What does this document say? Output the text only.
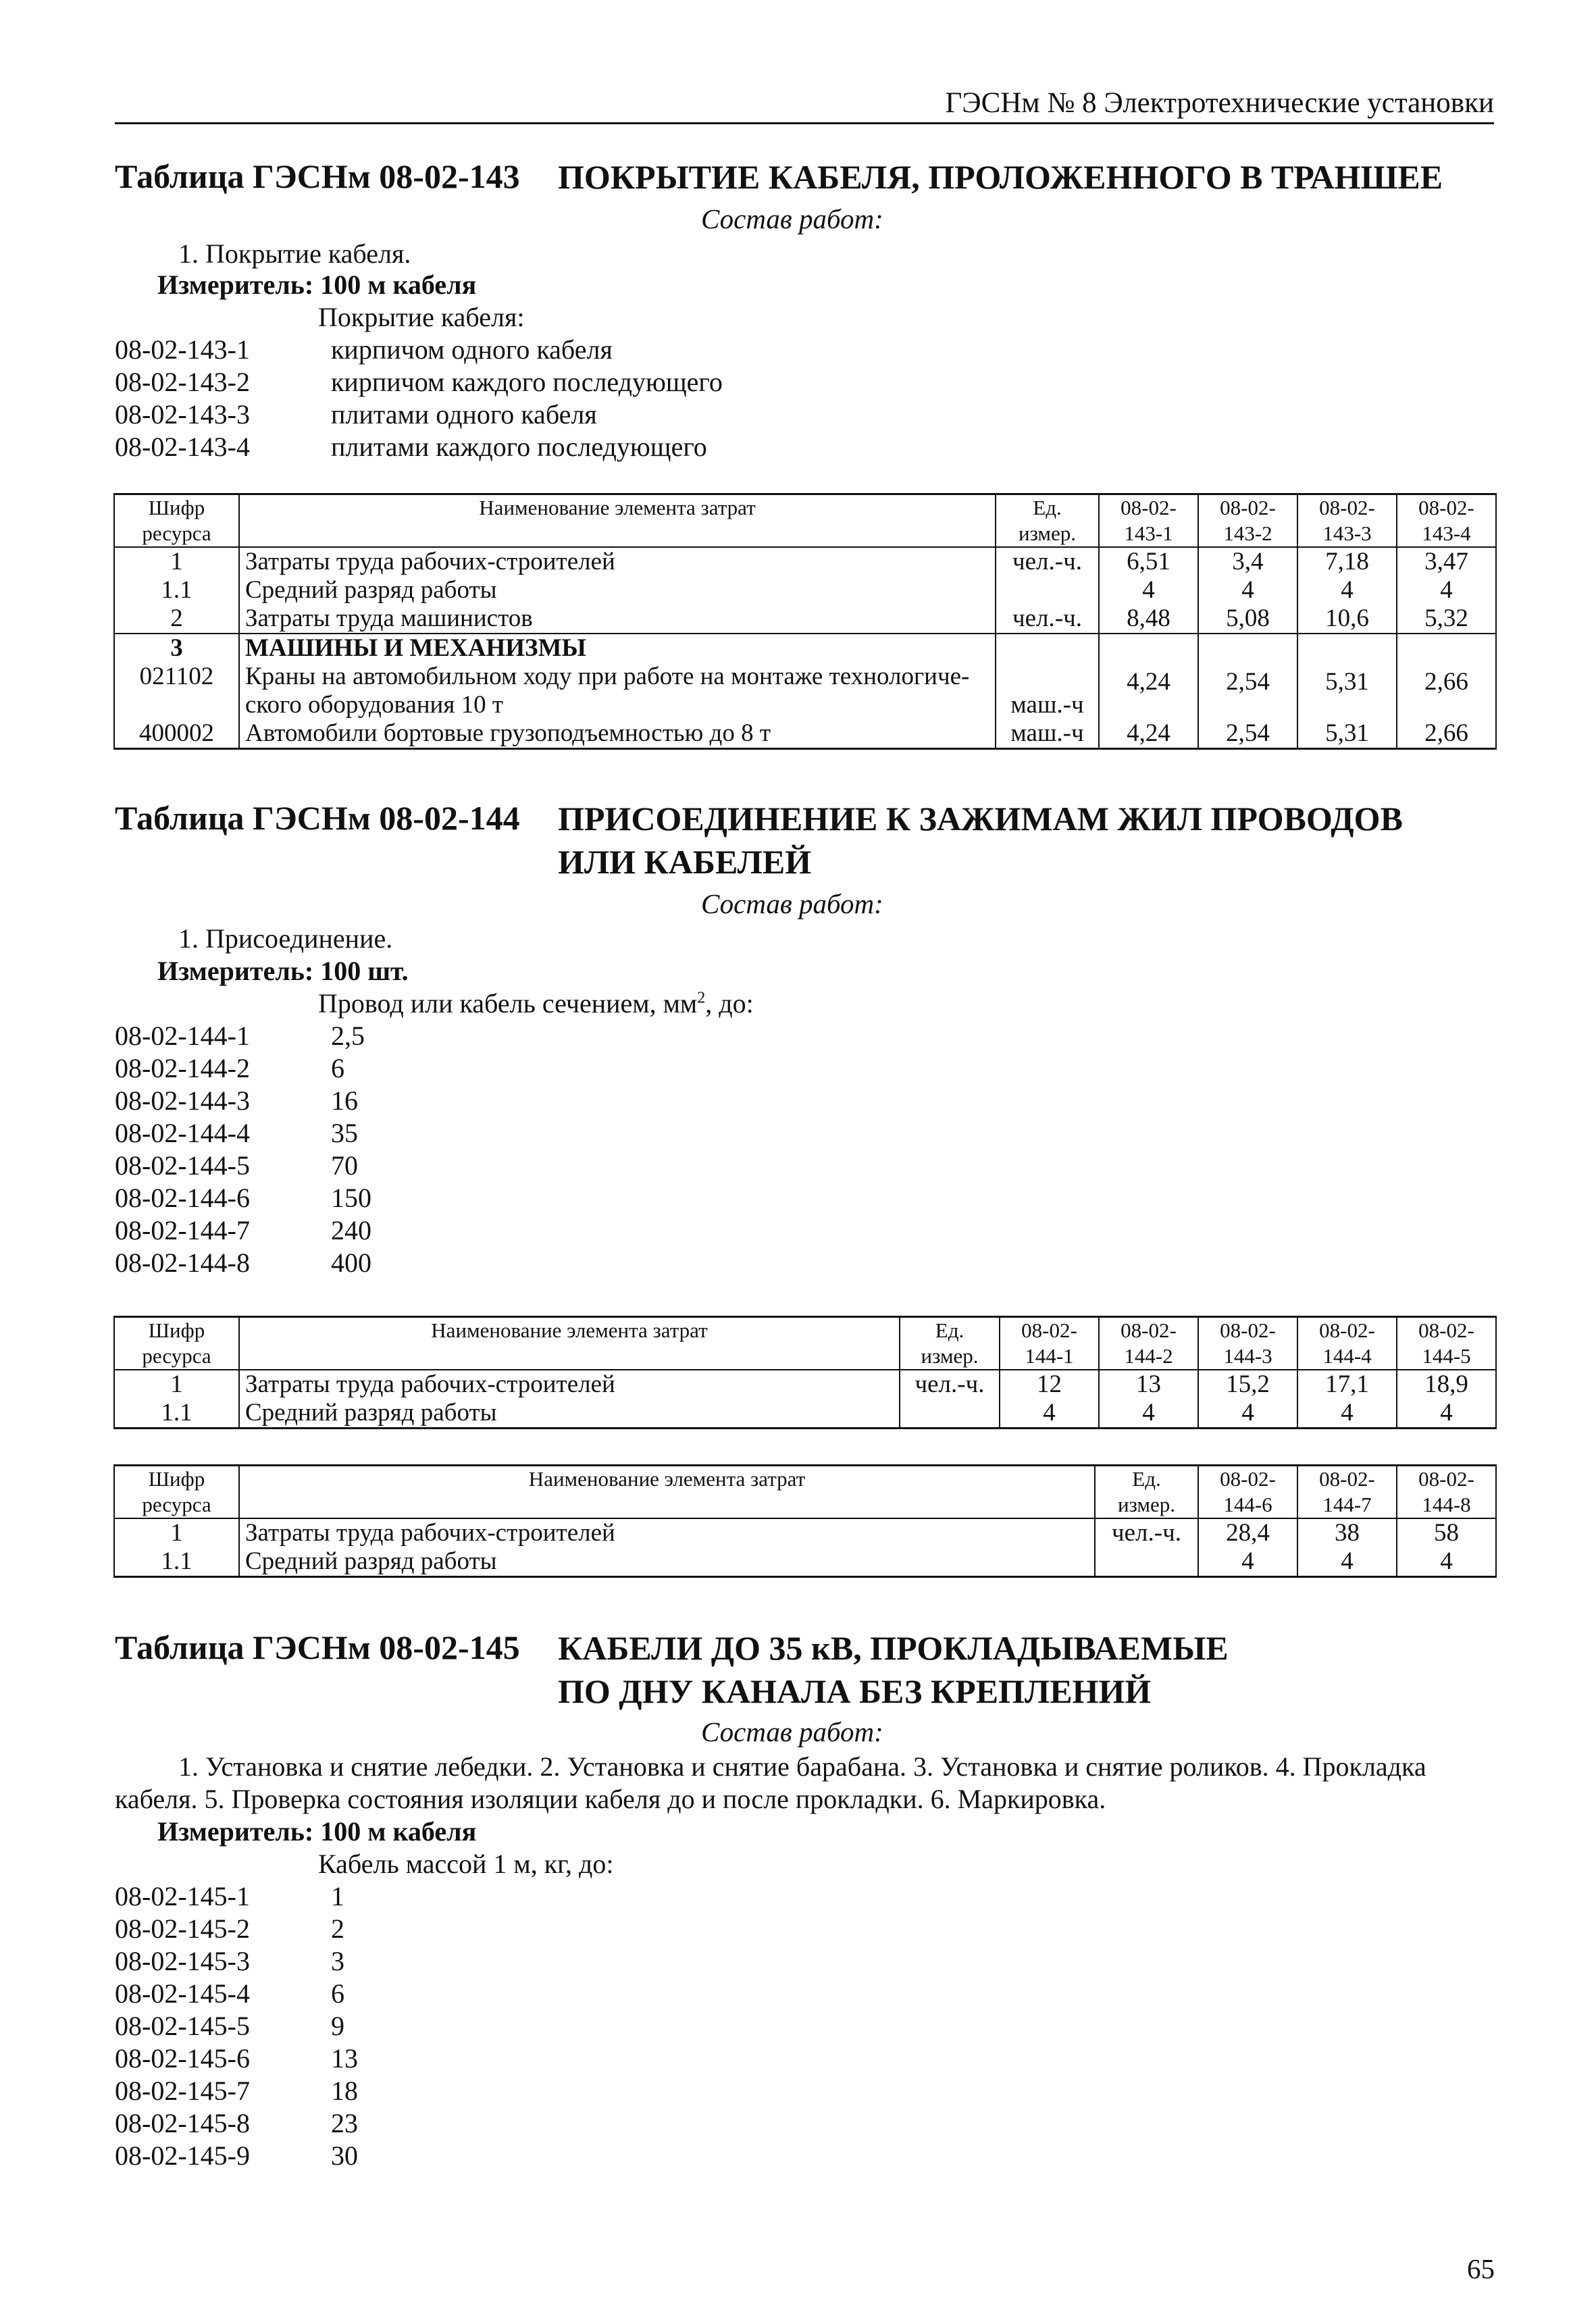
ГЭСНм № 8 Электротехнические установки
Таблица ГЭСНм 08-02-143 ПОКРЫТИЕ КАБЕЛЯ, ПРОЛОЖЕННОГО В ТРАНШЕЕ
Состав работ:
1. Покрытие кабеля.
Измеритель: 100 м кабеля
Покрытие кабеля:
08-02-143-1	кирпичом одного кабеля
08-02-143-2	кирпичом каждого последующего
08-02-143-3	плитами одного кабеля
08-02-143-4	плитами каждого последующего
Шифр ресурса	Наименование элемента затрат	Ед. измер.	08-02-143-1	08-02-143-2	08-02-143-3	08-02-143-4
1	Затраты труда рабочих-строителей	чел.-ч.	6,51	3,4	7,18	3,47
1.1	Средний разряд работы		4	4	4	4
2	Затраты труда машинистов	чел.-ч.	8,48	5,08	10,6	5,32
3	МАШИНЫ И МЕХАНИЗМЫ					
021102	Краны на автомобильном ходу при работе на монтаже технологиче-ского оборудования 10 т	маш.-ч	4,24	2,54	5,31	2,66
400002	Автомобили бортовые грузоподъемностью до 8 т	маш.-ч	4,24	2,54	5,31	2,66
Таблица ГЭСНм 08-02-144 ПРИСОЕДИНЕНИЕ К ЗАЖИМАМ ЖИЛ ПРОВОДОВ
ИЛИ КАБЕЛЕЙ
Состав работ:
1. Присоединение.
Измеритель: 100 шт.
Провод или кабель сечением, $мм^2$, до:
08-02-144-1	2,5
08-02-144-2	6
08-02-144-3	16
08-02-144-4	35
08-02-144-5	70
08-02-144-6	150
08-02-144-7	240
08-02-144-8	400
Шифр ресурса	Наименование элемента затрат	Ед. измер.	08-02-144-1	08-02-144-2	08-02-144-3	08-02-144-4	08-02-144-5
1	Затраты труда рабочих-строителей	чел.-ч.	12	13	15,2	17,1	18,9
1.1	Средний разряд работы		4	4	4	4	4
Шифр ресурса	Наименование элемента затрат	Ед. измер.	08-02-144-6	08-02-144-7	08-02-144-8
1	Затраты труда рабочих-строителей	чел.-ч.	28,4	38	58
1.1	Средний разряд работы		4	4	4
Таблица ГЭСНм 08-02-145 КАБЕЛИ ДО 35 кВ, ПРОКЛАДЫВАЕМЫЕ
ПО ДНУ КАНАЛА БЕЗ КРЕПЛЕНИЙ
Состав работ:
1. Установка и снятие лебедки. 2. Установка и снятие барабана. 3. Установка и снятие роликов. 4. Прокладка
кабеля. 5. Проверка состояния изоляции кабеля до и после прокладки. 6. Маркировка.
Измеритель: 100 м кабеля
Кабель массой 1 м, кг, до:
08-02-145-1	1
08-02-145-2	2
08-02-145-3	3
08-02-145-4	6
08-02-145-5	9
08-02-145-6	13
08-02-145-7	18
08-02-145-8	23
08-02-145-9	30
65
